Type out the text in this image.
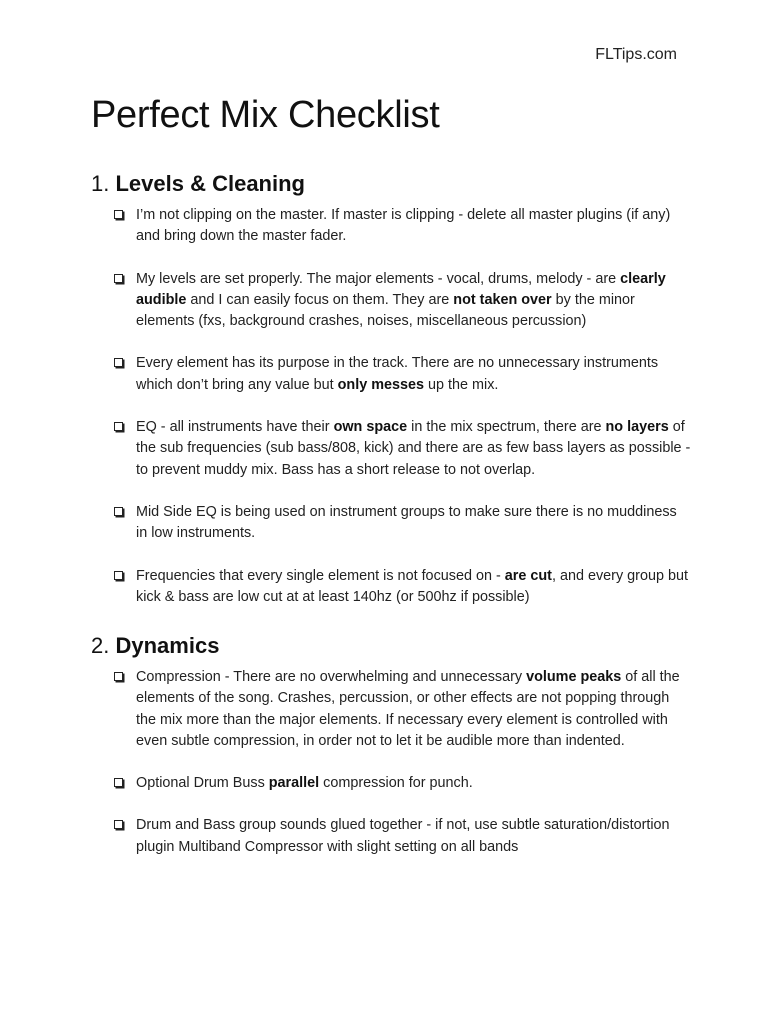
FLTips.com
Perfect Mix Checklist
1. Levels & Cleaning
I’m not clipping on the master. If master is clipping - delete all master plugins (if any) and bring down the master fader.
My levels are set properly. The major elements - vocal, drums, melody - are clearly audible and I can easily focus on them. They are not taken over by the minor elements (fxs, background crashes, noises, miscellaneous percussion)
Every element has its purpose in the track. There are no unnecessary instruments which don’t bring any value but only messes up the mix.
EQ - all instruments have their own space in the mix spectrum, there are no layers of the sub frequencies (sub bass/808, kick) and there are as few bass layers as possible - to prevent muddy mix. Bass has a short release to not overlap.
Mid Side EQ is being used on instrument groups to make sure there is no muddiness in low instruments.
Frequencies that every single element is not focused on - are cut, and every group but kick & bass are low cut at at least 140hz (or 500hz if possible)
2. Dynamics
Compression - There are no overwhelming and unnecessary volume peaks of all the elements of the song. Crashes, percussion, or other effects are not popping through the mix more than the major elements. If necessary every element is controlled with even subtle compression, in order not to let it be audible more than indented.
Optional Drum Buss parallel compression for punch.
Drum and Bass group sounds glued together - if not, use subtle saturation/distortion plugin Multiband Compressor with slight setting on all bands
